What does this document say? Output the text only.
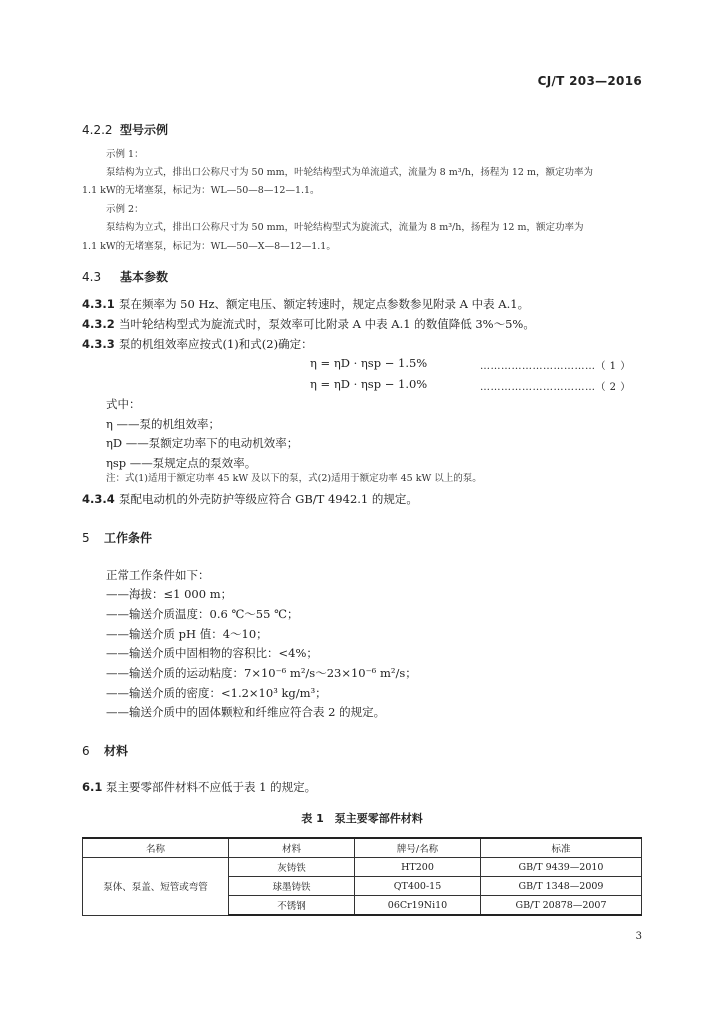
CJ/T 203—2016
4.2.2 型号示例
示例 1：
泵结构为立式，排出口公称尺寸为 50 mm，叶轮结构型式为单流道式，流量为 8 m³/h，扬程为 12 m，额定功率为
1.1 kW的无堵塞泵，标记为：WL—50—8—12—1.1。
示例 2：
泵结构为立式，排出口公称尺寸为 50 mm，叶轮结构型式为旋流式，流量为 8 m³/h，扬程为 12 m，额定功率为
1.1 kW的无堵塞泵，标记为：WL—50—X—8—12—1.1。
4.3 基本参数
4.3.1 泵在频率为 50 Hz、额定电压、额定转速时，规定点参数参见附录 A 中表 A.1。
4.3.2 当叶轮结构型式为旋流式时，泵效率可比附录 A 中表 A.1 的数值降低 3%～5%。
4.3.3 泵的机组效率应按式(1)和式(2)确定：
η = ηD · ηsp − 1.5%	……………………………（ 1 ）
η = ηD · ηsp − 1.0%	……………………………（ 2 ）
式中：
η ——泵的机组效率；
ηD ——泵额定功率下的电动机效率；
ηsp ——泵规定点的泵效率。
注：式(1)适用于额定功率 45 kW 及以下的泵，式(2)适用于额定功率 45 kW 以上的泵。
4.3.4 泵配电动机的外壳防护等级应符合 GB/T 4942.1 的规定。
5 工作条件
正常工作条件如下：
——海拔：≤1 000 m；
——输送介质温度：0.6 ℃～55 ℃；
——输送介质 pH 值：4～10；
——输送介质中固相物的容积比：<4%；
——输送介质的运动粘度：7×10⁻⁶ m²/s～23×10⁻⁶ m²/s；
——输送介质的密度：<1.2×10³ kg/m³；
——输送介质中的固体颗粒和纤维应符合表 2 的规定。
6 材料
6.1 泵主要零部件材料不应低于表 1 的规定。
表 1　泵主要零部件材料
名称	材料	牌号/名称	标准
泵体、泵盖、短管或弯管	灰铸铁	HT200	GB/T 9439—2010
	球墨铸铁	QT400-15	GB/T 1348—2009
	不锈钢	06Cr19Ni10	GB/T 20878—2007
3
